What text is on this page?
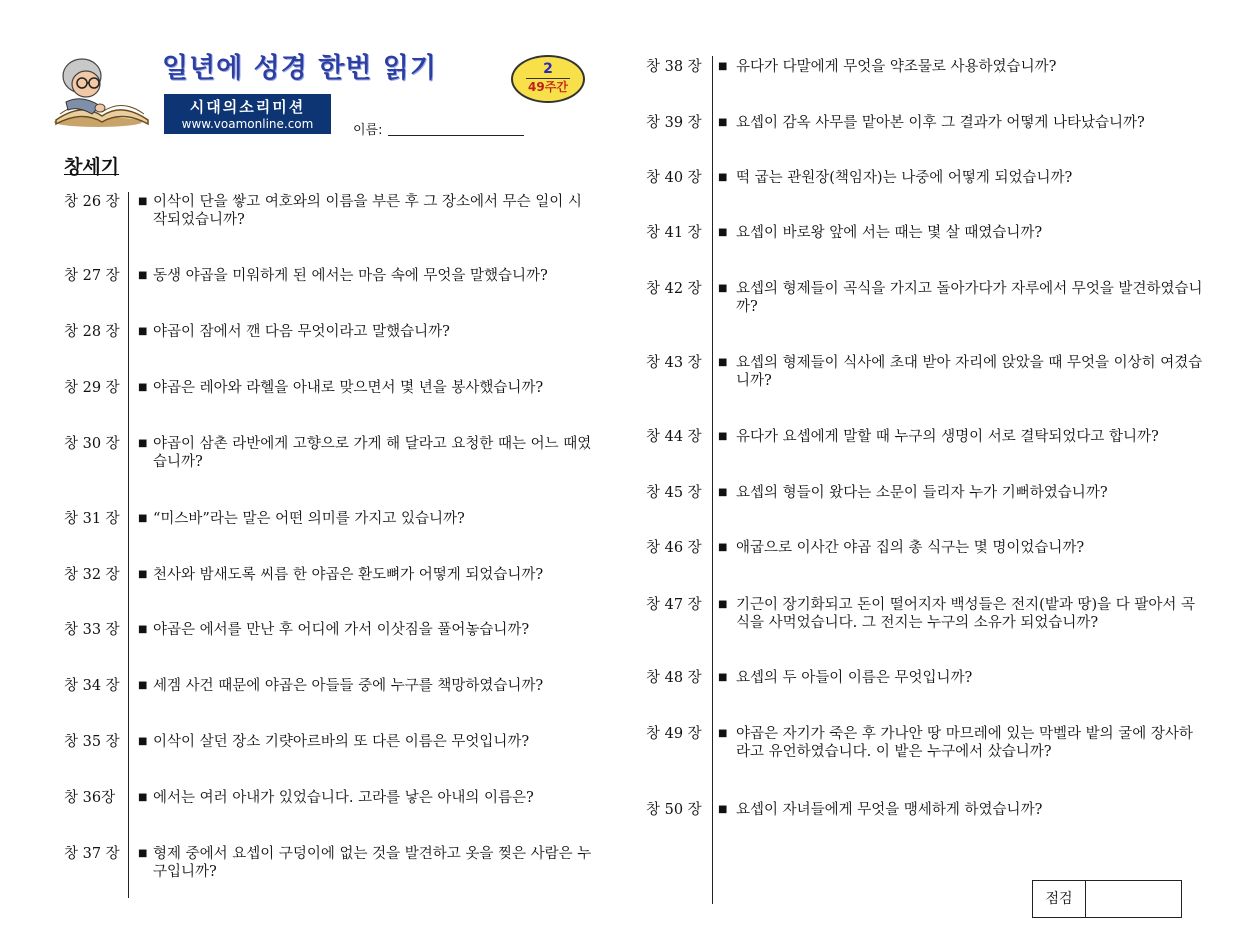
일년에 성경 한번 읽기	2
49주간
시대의소리미션
www.voamonline.com	이름:
창세기
창 26 장 ■ 이삭이 단을 쌓고 여호와의 이름을 부른 후 그 장소에서 무슨 일이 시작되었습니까?
창 27 장 ■ 동생 야곱을 미워하게 된 에서는 마음 속에 무엇을 말했습니까?
창 28 장 ■ 야곱이 잠에서 깬 다음 무엇이라고 말했습니까?
창 29 장 ■ 야곱은 레아와 라헬을 아내로 맞으면서 몇 년을 봉사했습니까?
창 30 장 ■ 야곱이 삼촌 라반에게 고향으로 가게 해 달라고 요청한 때는 어느 때였습니까?
창 31 장 ■ “미스바”라는 말은 어떤 의미를 가지고 있습니까?
창 32 장 ■ 천사와 밤새도록 씨름 한 야곱은 환도뼈가 어떻게 되었습니까?
창 33 장 ■ 야곱은 에서를 만난 후 어디에 가서 이삿짐을 풀어놓습니까?
창 34 장 ■ 세겜 사건 때문에 야곱은 아들들 중에 누구를 책망하였습니까?
창 35 장 ■ 이삭이 살던 장소 기럇아르바의 또 다른 이름은 무엇입니까?
창 36장 ■ 에서는 여러 아내가 있었습니다. 고라를 낳은 아내의 이름은?
창 37 장 ■ 형제 중에서 요셉이 구덩이에 없는 것을 발견하고 옷을 찢은 사람은 누구입니까?
창 38 장 ■ 유다가 다말에게 무엇을 약조물로 사용하였습니까?
창 39 장 ■ 요셉이 감옥 사무를 맡아본 이후 그 결과가 어떻게 나타났습니까?
창 40 장 ■ 떡 굽는 관원장(책임자)는 나중에 어떻게 되었습니까?
창 41 장 ■ 요셉이 바로왕 앞에 서는 때는 몇 살 때였습니까?
창 42 장 ■ 요셉의 형제들이 곡식을 가지고 돌아가다가 자루에서 무엇을 발견하였습니까?
창 43 장 ■ 요셉의 형제들이 식사에 초대 받아 자리에 앉았을 때 무엇을 이상히 여겼습니까?
창 44 장 ■ 유다가 요셉에게 말할 때 누구의 생명이 서로 결탁되었다고 합니까?
창 45 장 ■ 요셉의 형들이 왔다는 소문이 들리자 누가 기뻐하였습니까?
창 46 장 ■ 애굽으로 이사간 야곱 집의 총 식구는 몇 명이었습니까?
창 47 장 ■ 기근이 장기화되고 돈이 떨어지자 백성들은 전지(밭과 땅)을 다 팔아서 곡식을 사먹었습니다. 그 전지는 누구의 소유가 되었습니까?
창 48 장 ■ 요셉의 두 아들이 이름은 무엇입니까?
창 49 장 ■ 야곱은 자기가 죽은 후 가나안 땅 마므레에 있는 막벨라 밭의 굴에 장사하라고 유언하였습니다. 이 밭은 누구에서 샀습니까?
창 50 장 ■ 요셉이 자녀들에게 무엇을 맹세하게 하였습니까?
점검
